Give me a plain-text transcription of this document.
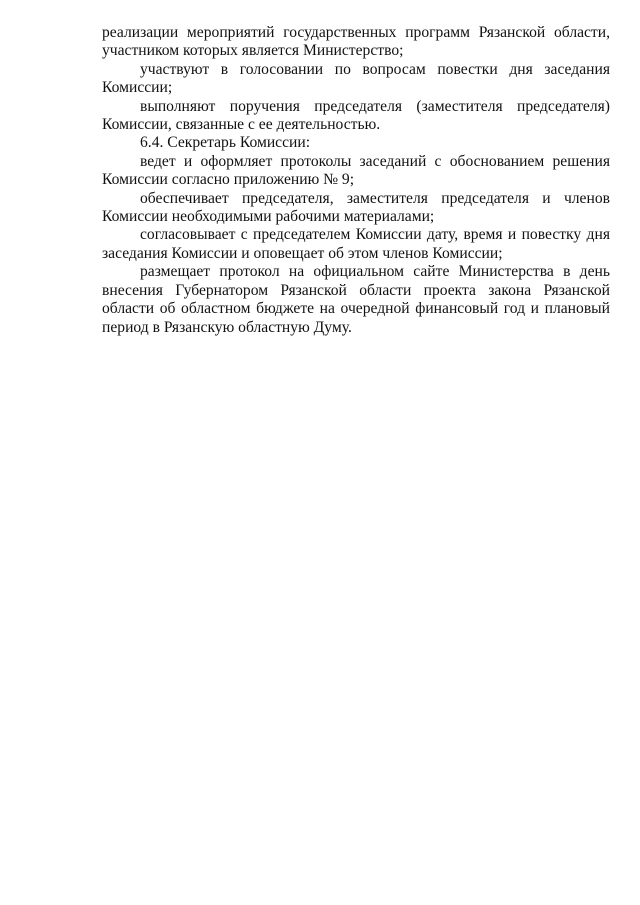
реализации мероприятий государственных программ Рязанской области, участником которых является Министерство;

участвуют в голосовании по вопросам повестки дня заседания Комиссии;

выполняют поручения председателя (заместителя председателя) Комиссии, связанные с ее деятельностью.

6.4. Секретарь Комиссии:

ведет и оформляет протоколы заседаний с обоснованием решения Комиссии согласно приложению № 9;

обеспечивает председателя, заместителя председателя и членов Комиссии необходимыми рабочими материалами;

согласовывает с председателем Комиссии дату, время и повестку дня заседания Комиссии и оповещает об этом членов Комиссии;

размещает протокол на официальном сайте Министерства в день внесения Губернатором Рязанской области проекта закона Рязанской области об областном бюджете на очередной финансовый год и плановый период в Рязанскую областную Думу.
